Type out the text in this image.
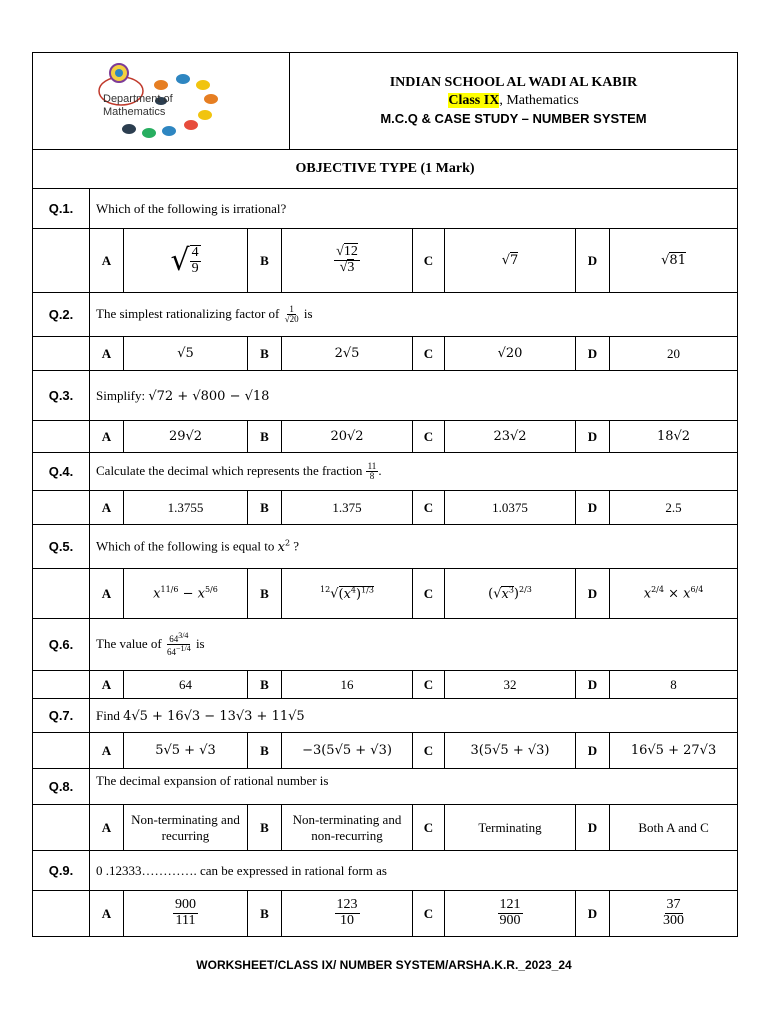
Department of
Mathematics

INDIAN SCHOOL AL WADI AL KABIR
Class IX, Mathematics
M.C.Q & CASE STUDY – NUMBER SYSTEM
OBJECTIVE TYPE (1 Mark)								
Q.1.	Which of the following is irrational?							
	A	√ $\frac{4}{9}$	B	$\frac{√12}{√3}$	C	√7	D	√81
Q.2.	The simplest rationalizing factor of $\frac{1}{√20}$ is							
	A	√5	B	2√5	C	√20	D	20
Q.3.	Simplify: √72 + √800 − √18							
	A	29√2	B	20√2	C	23√2	D	18√2
Q.4.	Calculate the decimal which represents the fraction $\frac{11}{8}$ .							
	A	1.3755	B	1.375	C	1.0375	D	2.5
Q.5.	Which of the following is equal to $x^2$ ?							
	A	$x^{11/6} - x^{5/6}$	B	$^{12}√(x^4)^{1/3}$	C	$(√x^3)^{2/3}$	D	$x^{2/4} \times x^{6/4}$
Q.6.	The value of $\frac{64^{3/4}}{64^{-1/4}}$ is							
	A	64	B	16	C	32	D	8
Q.7.	Find 4√5 + 16√3 − 13√3 + 11√5							
	A	5√5 + √3	B	−3(5√5 + √3)	C	3(5√5 + √3)	D	16√5 + 27√3
Q.8.	The decimal expansion of rational number is							
	A	Non-terminating and recurring	B	Non-terminating and non-recurring	C	Terminating	D	Both A and C
Q.9.	0 .12333…………. can be expressed in rational form as							
	A	$\frac{900}{111}$	B	$\frac{123}{10}$	C	$\frac{121}{900}$	D	$\frac{37}{300}$
WORKSHEET/CLASS IX/ NUMBER SYSTEM/ARSHA.K.R._2023_24
